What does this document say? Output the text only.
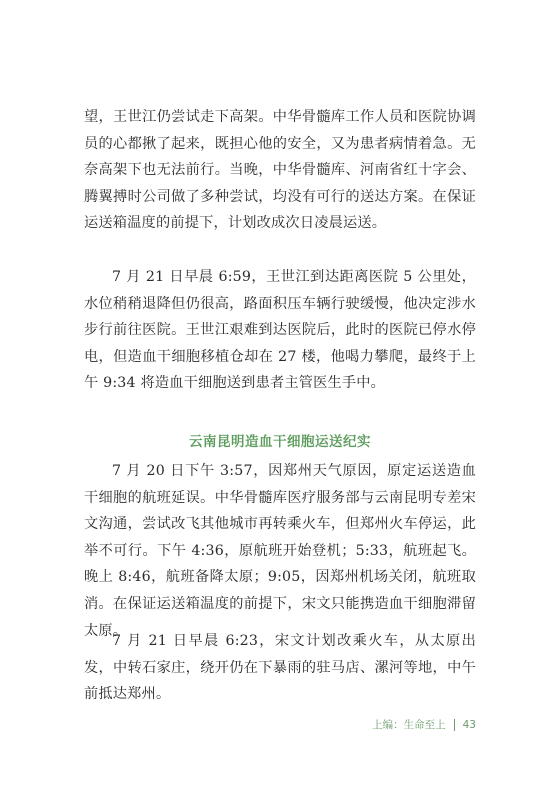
望，王世江仍尝试走下高架。中华骨髓库工作人员和医院协调员的心都揪了起来，既担心他的安全，又为患者病情着急。无奈高架下也无法前行。当晚，中华骨髓库、河南省红十字会、腾翼搏时公司做了多种尝试，均没有可行的送达方案。在保证运送箱温度的前提下，计划改成次日凌晨运送。

7 月 21 日早晨 6:59，王世江到达距离医院 5 公里处，水位稍稍退降但仍很高，路面积压车辆行驶缓慢，他决定涉水步行前往医院。王世江艰难到达医院后，此时的医院已停水停电，但造血干细胞移植仓却在 27 楼，他喝力攀爬，最终于上午 9:34 将造血干细胞送到患者主管医生手中。

云南昆明造血干细胞运送纪实

7 月 20 日下午 3:57，因郑州天气原因，原定运送造血干细胞的航班延误。中华骨髓库医疗服务部与云南昆明专差宋文沟通，尝试改飞其他城市再转乘火车，但郑州火车停运，此举不可行。下午 4:36，原航班开始登机；5:33，航班起飞。晚上 8:46，航班备降太原；9:05，因郑州机场关闭，航班取消。在保证运送箱温度的前提下，宋文只能携造血干细胞滞留太原。

7 月 21 日早晨 6:23，宋文计划改乘火车，从太原出发，中转石家庄，绕开仍在下暴雨的驻马店、漯河等地，中午前抵达郑州。

上编：生命至上 43
